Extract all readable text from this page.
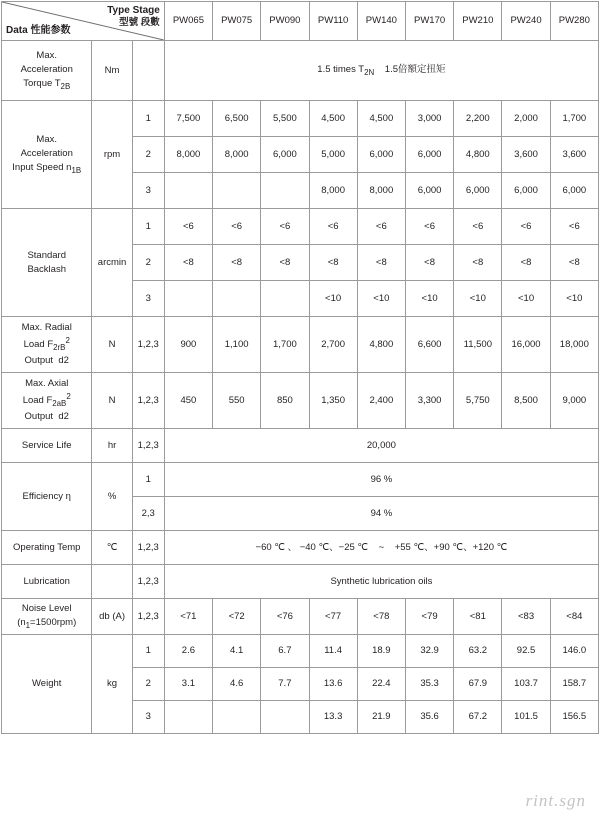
Type Stage
型號 段數
Data 性能参数			PW065	PW075	PW090	PW110	PW140	PW170	PW210	PW240	PW280
Max.
Acceleration
Torque $T_{2B}$	Nm		1.5 times $T_{2N}$    1.5倍額定扭矩								
Max.
Acceleration
Input Speed $n_{1B}$	rpm	1	7,500	6,500	5,500	4,500	4,500	3,000	2,200	2,000	1,700
		2	8,000	8,000	6,000	5,000	6,000	6,000	4,800	3,600	3,600
		3				8,000	8,000	6,000	6,000	6,000	6,000
Standard
Backlash	arcmin	1	<6	<6	<6	<6	<6	<6	<6	<6	<6
		2	<8	<8	<8	<8	<8	<8	<8	<8	<8
		3				<10	<10	<10	<10	<10	<10
Max. Radial
Load $F_{2rB}^2$
Output  d2	N	1,2,3	900	1,100	1,700	2,700	4,800	6,600	11,500	16,000	18,000
Max. Axial
Load $F_{2aB}^2$
Output  d2	N	1,2,3	450	550	850	1,350	2,400	3,300	5,750	8,500	9,000
Service Life	hr	1,2,3	20,000								
Efficiency η	%	1	96 %								
		2,3	94 %								
Operating Temp	℃	1,2,3	−60 ℃ 、 −40 ℃、−25 ℃    ~    +55 ℃、+90 ℃、+120 ℃								
Lubrication		1,2,3	Synthetic lubrication oils								
Noise Level
$(n_1=1500rpm)$	db (A)	1,2,3	<71	<72	<76	<77	<78	<79	<81	<83	<84
Weight	kg	1	2.6	4.1	6.7	11.4	18.9	32.9	63.2	92.5	146.0
		2	3.1	4.6	7.7	13.6	22.4	35.3	67.9	103.7	158.7
		3				13.3	21.9	35.6	67.2	101.5	156.5
rint.sgn
